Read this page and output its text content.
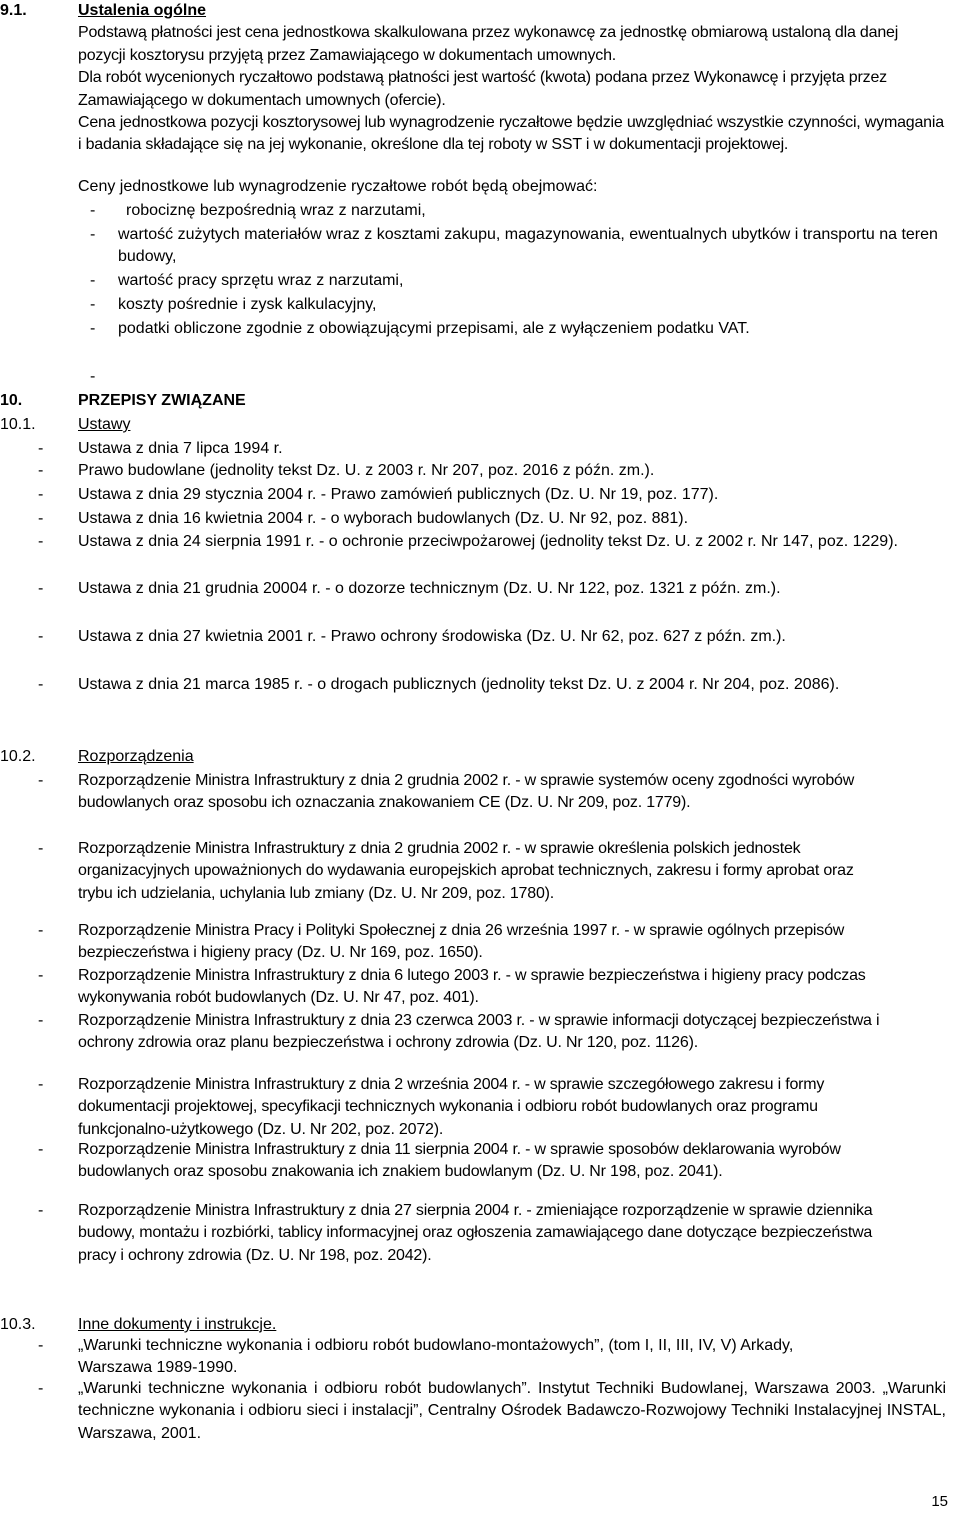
9.1.	Ustalenia ogólne

Podstawą płatności jest cena jednostkowa skalkulowana przez wykonawcę za jednostkę obmiarową ustaloną dla danej pozycji kosztorysu przyjętą przez Zamawiającego w dokumentach umownych.

Dla robót wycenionych ryczałtowo podstawą płatności jest wartość (kwota) podana przez Wykonawcę i przyjęta przez Zamawiającego w dokumentach umownych (ofercie).

Cena jednostkowa pozycji kosztorysowej lub wynagrodzenie ryczałtowe będzie uwzględniać wszystkie czynności, wymagania i badania składające się na jej wykonanie, określone dla tej roboty w SST i w dokumentacji projektowej.

Ceny jednostkowe lub wynagrodzenie ryczałtowe robót będą obejmować:

-	robociznę bezpośrednią wraz z narzutami,
-	wartość zużytych materiałów wraz z kosztami zakupu, magazynowania, ewentualnych ubytków i transportu na teren budowy,
-	wartość pracy sprzętu wraz z narzutami,
-	koszty pośrednie i zysk kalkulacyjny,
-	podatki obliczone zgodnie z obowiązującymi przepisami, ale z wyłączeniem podatku VAT.
-
10.	PRZEPISY ZWIĄZANE
10.1.	Ustawy
-	Ustawa z dnia 7 lipca 1994 r.
-	Prawo budowlane (jednolity tekst Dz. U. z 2003 r. Nr 207, poz. 2016 z późn. zm.).
-	Ustawa z dnia 29 stycznia 2004 r. - Prawo zamówień publicznych (Dz. U. Nr 19, poz. 177).
-	Ustawa z dnia 16 kwietnia 2004 r. - o wyborach budowlanych (Dz. U. Nr 92, poz. 881).
-	Ustawa z dnia 24 sierpnia 1991 r. - o ochronie przeciwpożarowej (jednolity tekst Dz. U. z 2002 r. Nr 147, poz. 1229).
-	Ustawa z dnia 21 grudnia 20004 r. - o dozorze technicznym (Dz. U. Nr 122, poz. 1321 z późn. zm.).
-	Ustawa z dnia 27 kwietnia 2001 r. - Prawo ochrony środowiska (Dz. U. Nr 62, poz. 627 z późn. zm.).
-	Ustawa z dnia 21 marca 1985 r. - o drogach publicznych (jednolity tekst Dz. U. z 2004 r. Nr 204, poz. 2086).
10.2.	Rozporządzenia
-	Rozporządzenie Ministra Infrastruktury z dnia 2 grudnia 2002 r. - w sprawie systemów oceny zgodności wyrobów budowlanych oraz sposobu ich oznaczania znakowaniem CE (Dz. U. Nr 209, poz. 1779).
-	Rozporządzenie Ministra Infrastruktury z dnia 2 grudnia 2002 r. - w sprawie określenia polskich jednostek organizacyjnych upoważnionych do wydawania europejskich aprobat technicznych, zakresu i formy aprobat oraz trybu ich udzielania, uchylania lub zmiany (Dz. U. Nr 209, poz. 1780).
-	Rozporządzenie Ministra Pracy i Polityki Społecznej z dnia 26 września 1997 r. - w sprawie ogólnych przepisów bezpieczeństwa i higieny pracy (Dz. U. Nr 169, poz. 1650).
-	Rozporządzenie Ministra Infrastruktury z dnia 6 lutego 2003 r. - w sprawie bezpieczeństwa i higieny pracy podczas wykonywania robót budowlanych (Dz. U. Nr 47, poz. 401).
-	Rozporządzenie Ministra Infrastruktury z dnia 23 czerwca 2003 r. - w sprawie informacji dotyczącej bezpieczeństwa i ochrony zdrowia oraz planu bezpieczeństwa i ochrony zdrowia (Dz. U. Nr 120, poz. 1126).
-	Rozporządzenie Ministra Infrastruktury z dnia 2 września 2004 r. - w sprawie szczegółowego zakresu i formy dokumentacji projektowej, specyfikacji technicznych wykonania i odbioru robót budowlanych oraz programu funkcjonalno-użytkowego (Dz. U. Nr 202, poz. 2072).
-	Rozporządzenie Ministra Infrastruktury z dnia 11 sierpnia 2004 r. - w sprawie sposobów deklarowania wyrobów budowlanych oraz sposobu znakowania ich znakiem budowlanym (Dz. U. Nr 198, poz. 2041).
-	Rozporządzenie Ministra Infrastruktury z dnia 27 sierpnia 2004 r. - zmieniające rozporządzenie w sprawie dziennika budowy, montażu i rozbiórki, tablicy informacyjnej oraz ogłoszenia zamawiającego dane dotyczące bezpieczeństwa pracy i ochrony zdrowia (Dz. U. Nr 198, poz. 2042).
10.3.	Inne dokumenty i instrukcje.
-	„Warunki techniczne wykonania i odbioru robót budowlano-montażowych”, (tom I, II, III, IV, V) Arkady, Warszawa 1989-1990.
-	„Warunki techniczne wykonania i odbioru robót budowlanych”. Instytut Techniki Budowlanej, Warszawa 2003. „Warunki techniczne wykonania i odbioru sieci i instalacji”, Centralny Ośrodek Badawczo-Rozwojowy Techniki Instalacyjnej INSTAL, Warszawa, 2001.
15
